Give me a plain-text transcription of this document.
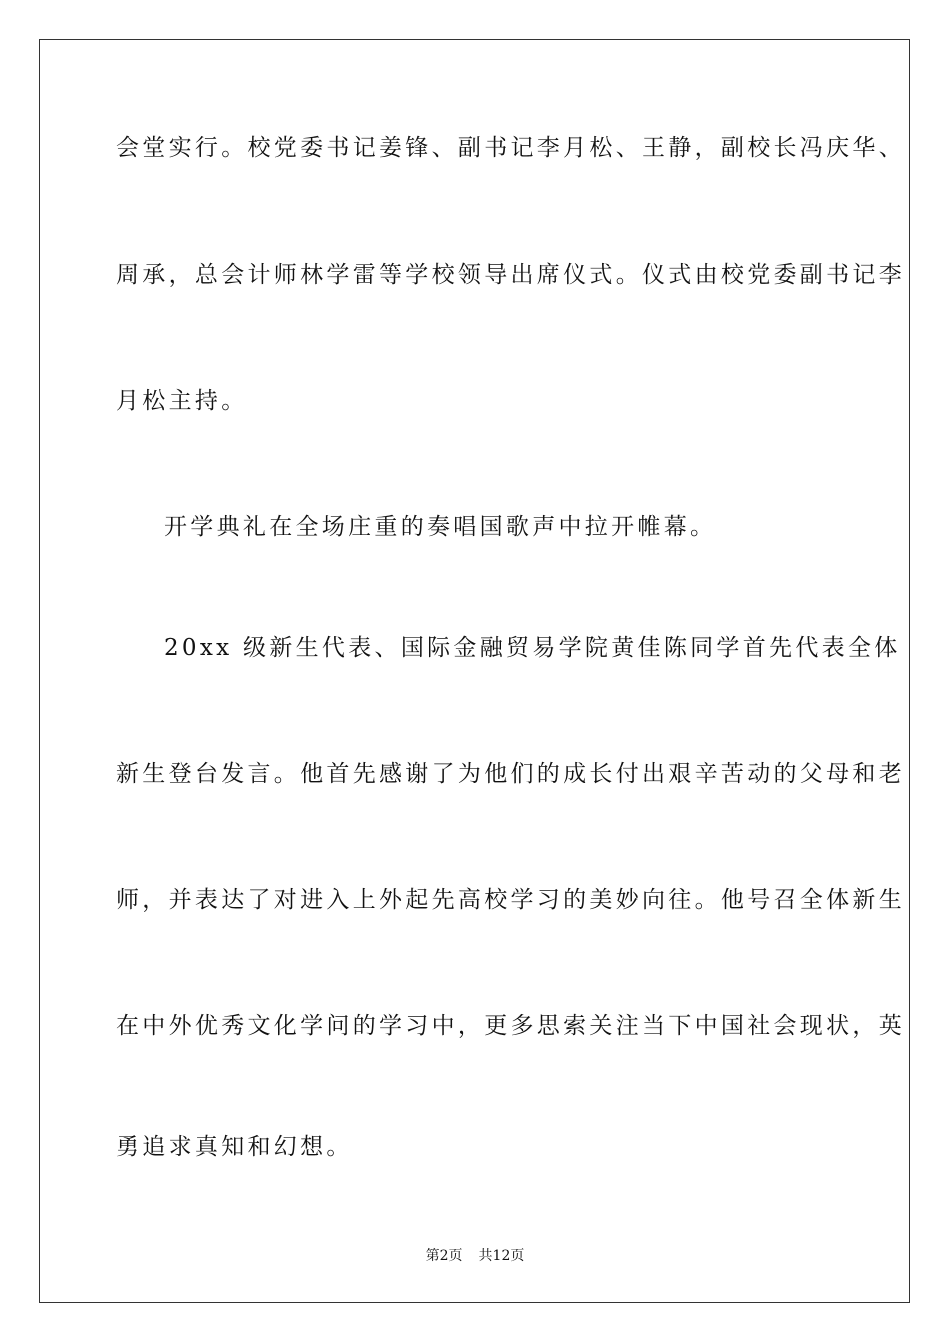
会堂实行。校党委书记姜锋、副书记李月松、王静，副校长冯庆华、
周承，总会计师林学雷等学校领导出席仪式。仪式由校党委副书记李
月松主持。
开学典礼在全场庄重的奏唱国歌声中拉开帷幕。
20xx 级新生代表、国际金融贸易学院黄佳陈同学首先代表全体
新生登台发言。他首先感谢了为他们的成长付出艰辛苦动的父母和老
师，并表达了对进入上外起先高校学习的美妙向往。他号召全体新生
在中外优秀文化学问的学习中，更多思索关注当下中国社会现状，英
勇追求真知和幻想。
第2页 共12页
